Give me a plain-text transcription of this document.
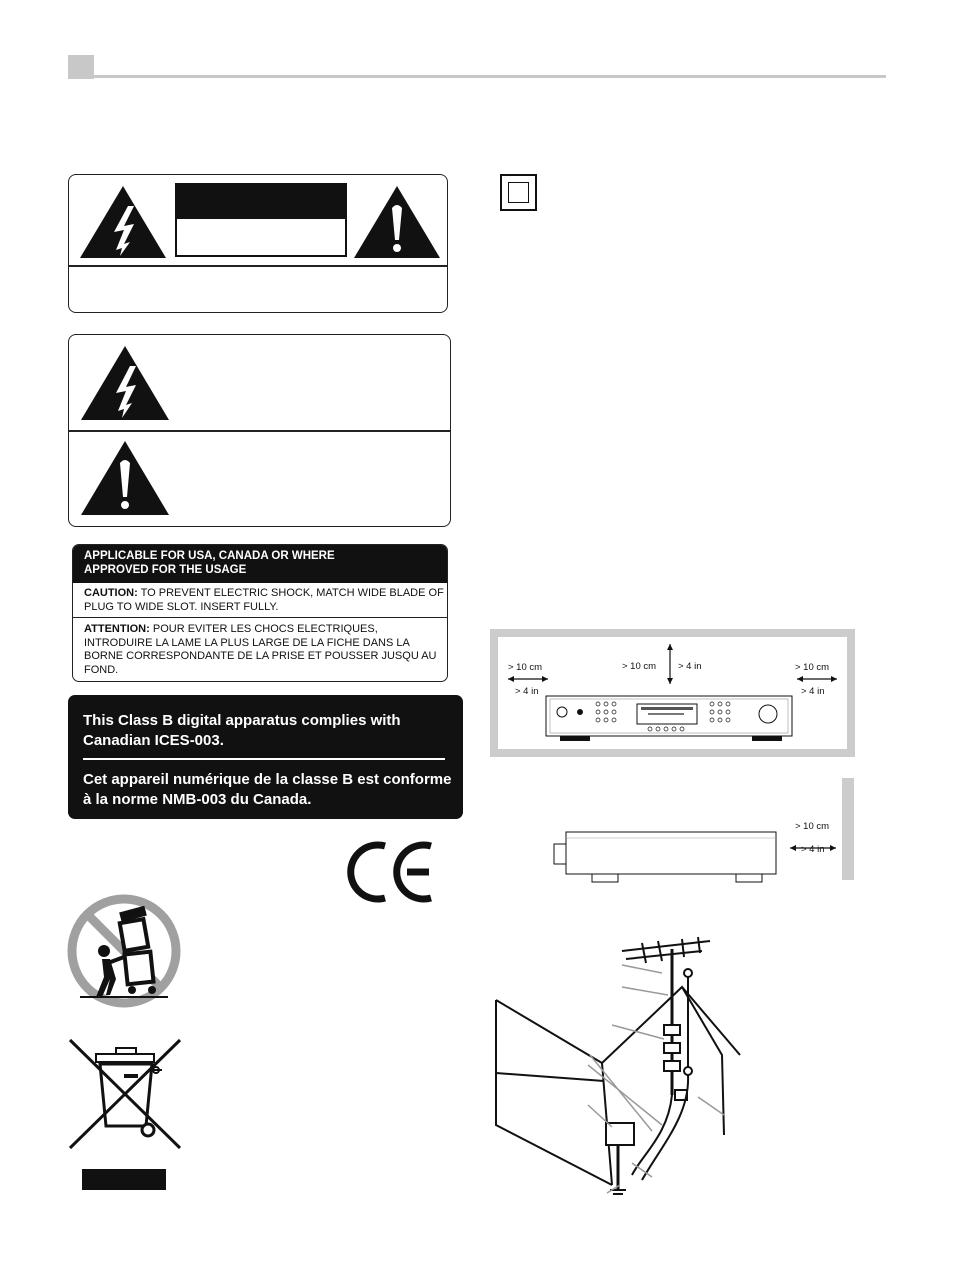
APPLICABLE FOR USA, CANADA OR WHERE
APPROVED FOR THE USAGE
CAUTION: TO PREVENT ELECTRIC SHOCK, MATCH WIDE BLADE OF PLUG TO WIDE SLOT. INSERT FULLY.
ATTENTION: POUR EVITER LES CHOCS ELECTRIQUES, INTRODUIRE LA LAME LA PLUS LARGE DE LA FICHE DANS LA BORNE CORRESPONDANTE DE LA PRISE ET POUSSER JUSQU AU FOND.
This Class B digital apparatus complies with Canadian ICES-003.
Cet appareil numérique de la classe B est conforme à la norme NMB-003 du Canada.
> 10 cm
> 4 in
> 10 cm > 4 in	> 10 cm
> 4 in
> 10 cm
> 4 in
